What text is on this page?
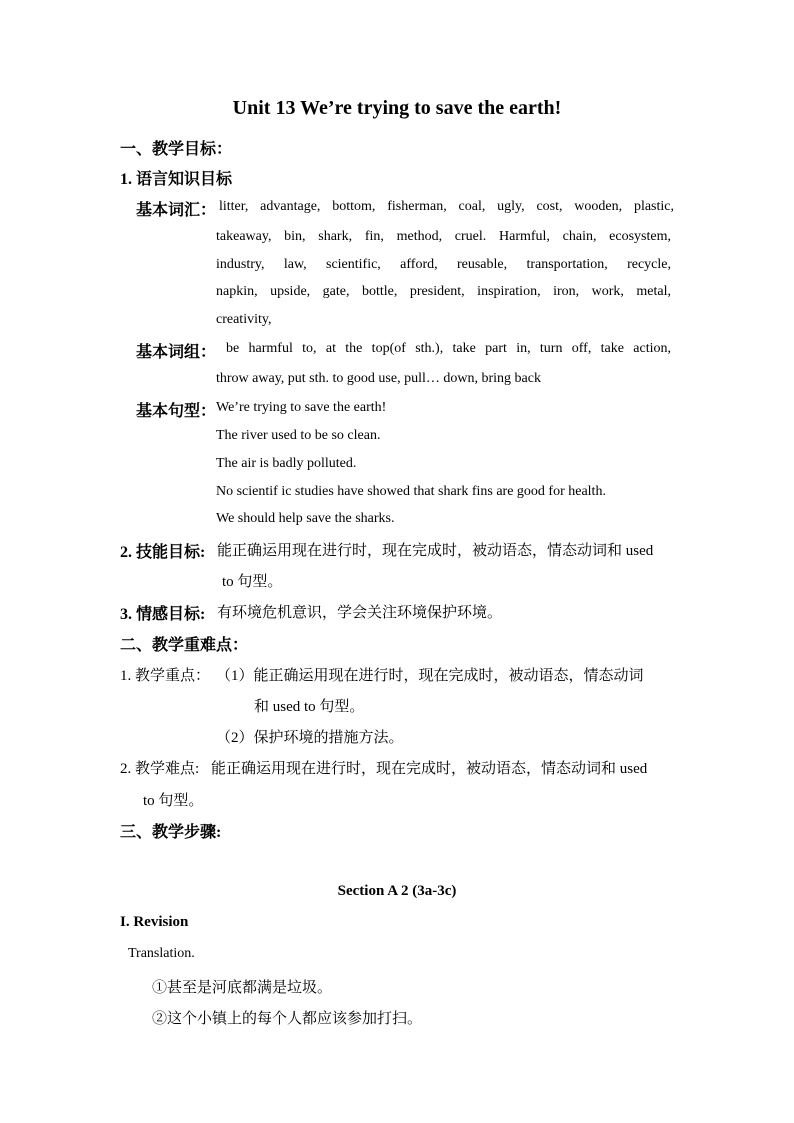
Unit 13 We’re trying to save the earth!
一、教学目标：
1. 语言知识目标
基本词汇： litter, advantage, bottom, fisherman, coal, ugly, cost, wooden, plastic,
takeaway, bin, shark, fin, method, cruel. Harmful, chain, ecosystem,
industry, law, scientific, afford, reusable, transportation, recycle,
napkin, upside, gate, bottle, president, inspiration, iron, work, metal,
creativity,
基本词组： be harmful to, at the top(of sth.), take part in, turn off, take action,
throw away, put sth. to good use, pull… down, bring back
基本句型： We’re trying to save the earth!
The river used to be so clean.
The air is badly polluted.
No scientif ic studies have showed that shark fins are good for health.
We should help save the sharks.
2. 技能目标: 能正确运用现在进行时，现在完成时，被动语态，情态动词和 used
to 句型。
3. 情感目标: 有环境危机意识，学会关注环境保护环境。
二、教学重难点：
1. 教学重点： （1）能正确运用现在进行时，现在完成时，被动语态，情态动词
和 used to 句型。
（2）保护环境的措施方法。
2. 教学难点: 能正确运用现在进行时，现在完成时，被动语态，情态动词和 used
to 句型。
三、教学步骤:
Section A 2 (3a-3c)
I. Revision
Translation.
①甚至是河底都满是垃圾。
②这个小镇上的每个人都应该参加打扫。
